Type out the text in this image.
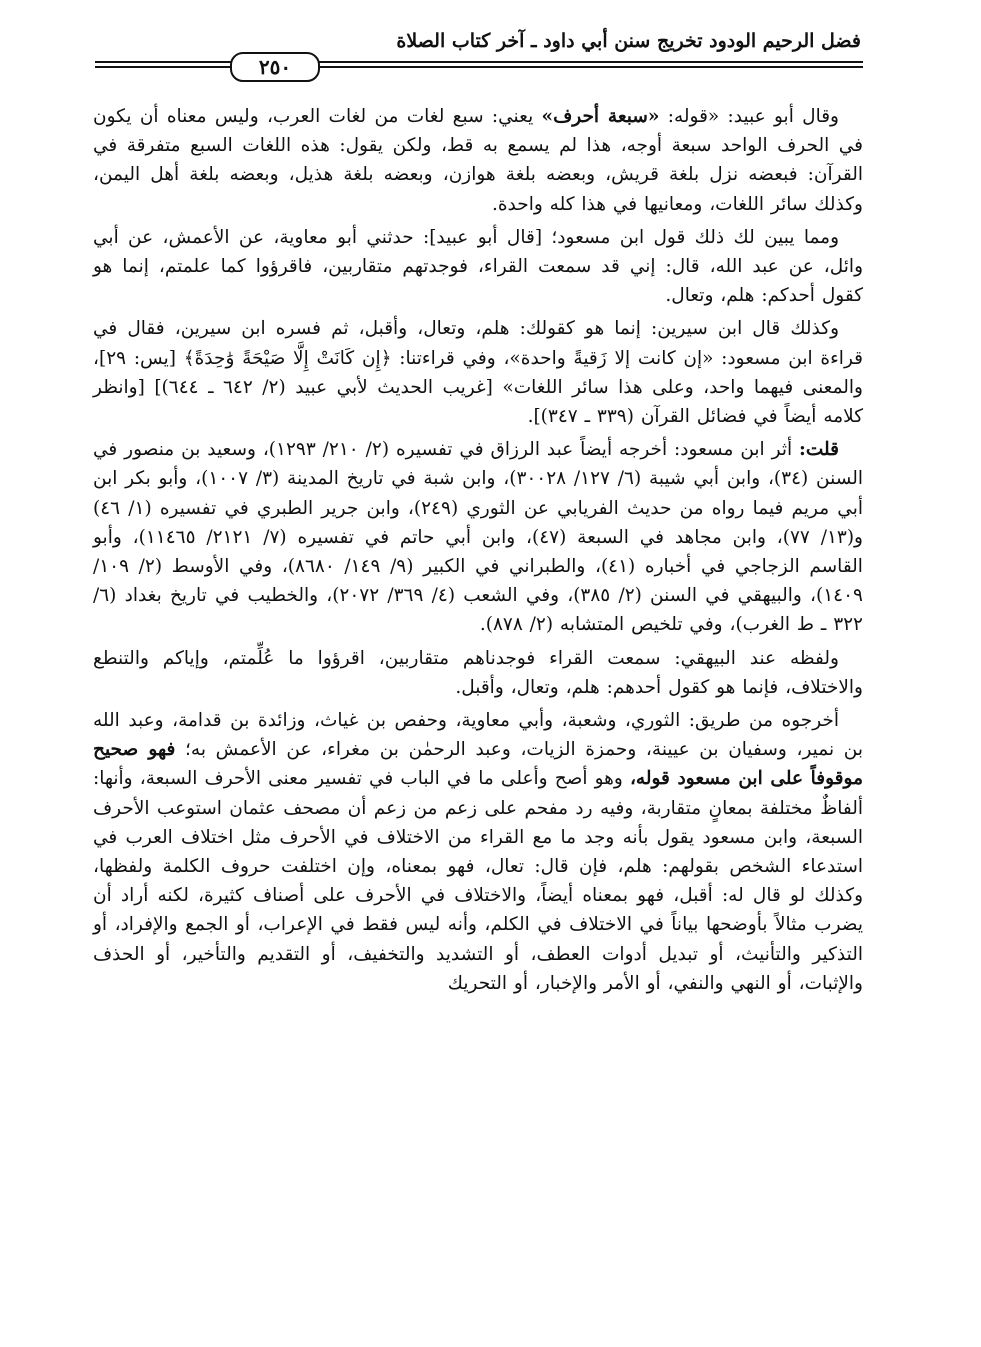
فضل الرحيم الودود تخريج سنن أبي داود ـ آخر كتاب الصلاة
٢٥٠

وقال أبو عبيد: «قوله: «سبعة أحرف» يعني: سبع لغات من لغات العرب، وليس معناه أن يكون في الحرف الواحد سبعة أوجه، هذا لم يسمع به قط، ولكن يقول: هذه اللغات السبع متفرقة في القرآن: فبعضه نزل بلغة قريش، وبعضه بلغة هوازن، وبعضه بلغة هذيل، وبعضه بلغة أهل اليمن، وكذلك سائر اللغات، ومعانيها في هذا كله واحدة.

ومما يبين لك ذلك قول ابن مسعود؛ [قال أبو عبيد]: حدثني أبو معاوية، عن الأعمش، عن أبي وائل، عن عبد الله، قال: إني قد سمعت القراء، فوجدتهم متقاربين، فاقرؤوا كما علمتم، إنما هو كقول أحدكم: هلم، وتعال.

وكذلك قال ابن سيرين: إنما هو كقولك: هلم، وتعال، وأقبل، ثم فسره ابن سيرين، فقال في قراءة ابن مسعود: «إن كانت إلا زَقيةً واحدة»، وفي قراءتنا: ﴿إِن كَانَتْ إِلَّا صَيْحَةً وَٰحِدَةً﴾ [يس: ٢٩]، والمعنى فيهما واحد، وعلى هذا سائر اللغات» [غريب الحديث لأبي عبيد (٢/ ٦٤٢ ـ ٦٤٤)] [وانظر كلامه أيضاً في فضائل القرآن (٣٣٩ ـ ٣٤٧)].

قلت: أثر ابن مسعود: أخرجه أيضاً عبد الرزاق في تفسيره (٢/ ٢١٠/ ١٢٩٣)، وسعيد بن منصور في السنن (٣٤)، وابن أبي شيبة (٦/ ١٢٧/ ٣٠٠٢٨)، وابن شبة في تاريخ المدينة (٣/ ١٠٠٧)، وأبو بكر ابن أبي مريم فيما رواه من حديث الفريابي عن الثوري (٢٤٩)، وابن جرير الطبري في تفسيره (١/ ٤٦) و(١٣/ ٧٧)، وابن مجاهد في السبعة (٤٧)، وابن أبي حاتم في تفسيره (٧/ ٢١٢١/ ١١٤٦٥)، وأبو القاسم الزجاجي في أخباره (٤١)، والطبراني في الكبير (٩/ ١٤٩/ ٨٦٨٠)، وفي الأوسط (٢/ ١٠٩/ ١٤٠٩)، والبيهقي في السنن (٢/ ٣٨٥)، وفي الشعب (٤/ ٣٦٩/ ٢٠٧٢)، والخطيب في تاريخ بغداد (٦/ ٣٢٢ ـ ط الغرب)، وفي تلخيص المتشابه (٢/ ٨٧٨).

ولفظه عند البيهقي: سمعت القراء فوجدناهم متقاربين، اقرؤوا ما عُلِّمتم، وإياكم والتنطع والاختلاف، فإنما هو كقول أحدهم: هلم، وتعال، وأقبل.

أخرجوه من طريق: الثوري، وشعبة، وأبي معاوية، وحفص بن غياث، وزائدة بن قدامة، وعبد الله بن نمير، وسفيان بن عيينة، وحمزة الزيات، وعبد الرحمٰن بن مغراء، عن الأعمش به؛ فهو صحيح موقوفاً على ابن مسعود قوله، وهو أصح وأعلى ما في الباب في تفسير معنى الأحرف السبعة، وأنها: ألفاظٌ مختلفة بمعانٍ متقاربة، وفيه رد مفحم على زعم من زعم أن مصحف عثمان استوعب الأحرف السبعة، وابن مسعود يقول بأنه وجد ما مع القراء من الاختلاف في الأحرف مثل اختلاف العرب في استدعاء الشخص بقولهم: هلم، فإن قال: تعال، فهو بمعناه، وإن اختلفت حروف الكلمة ولفظها، وكذلك لو قال له: أقبل، فهو بمعناه أيضاً، والاختلاف في الأحرف على أصناف كثيرة، لكنه أراد أن يضرب مثالاً بأوضحها بياناً في الاختلاف في الكلم، وأنه ليس فقط في الإعراب، أو الجمع والإفراد، أو التذكير والتأنيث، أو تبديل أدوات العطف، أو التشديد والتخفيف، أو التقديم والتأخير، أو الحذف والإثبات، أو النهي والنفي، أو الأمر والإخبار، أو التحريك
